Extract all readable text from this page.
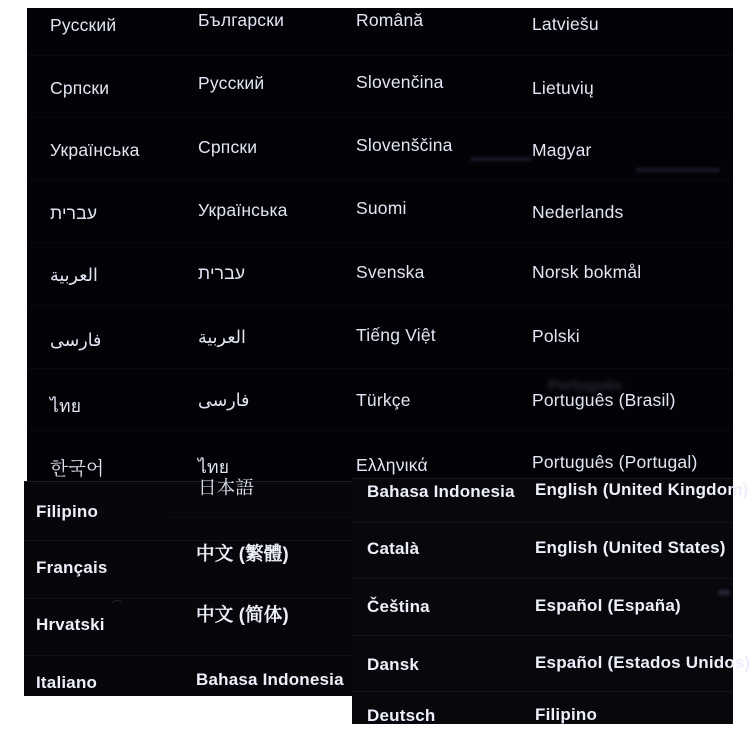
Português
Русский
Српски
Українська
עברית
العربية
فارسی
ไทย
한국어
Filipino
Français
Hrvatski
Italiano
Български
Русский
Српски
Українська
עברית
العربية
فارسی
ไทย
日本語
中文 (繁體)
中文 (简体)
Bahasa Indonesia
Română
Slovenčina
Slovenščina
Suomi
Svenska
Tiếng Việt
Türkçe
Ελληνικά
Bahasa Indonesia
Català
Čeština
Dansk
Deutsch
Latviešu
Lietuvių
Magyar
Nederlands
Norsk bokmål
Polski
Português (Brasil)
Português (Portugal)
English (United Kingdom)
English (United States)
Español (España)
Español (Estados Unidos)
Filipino
